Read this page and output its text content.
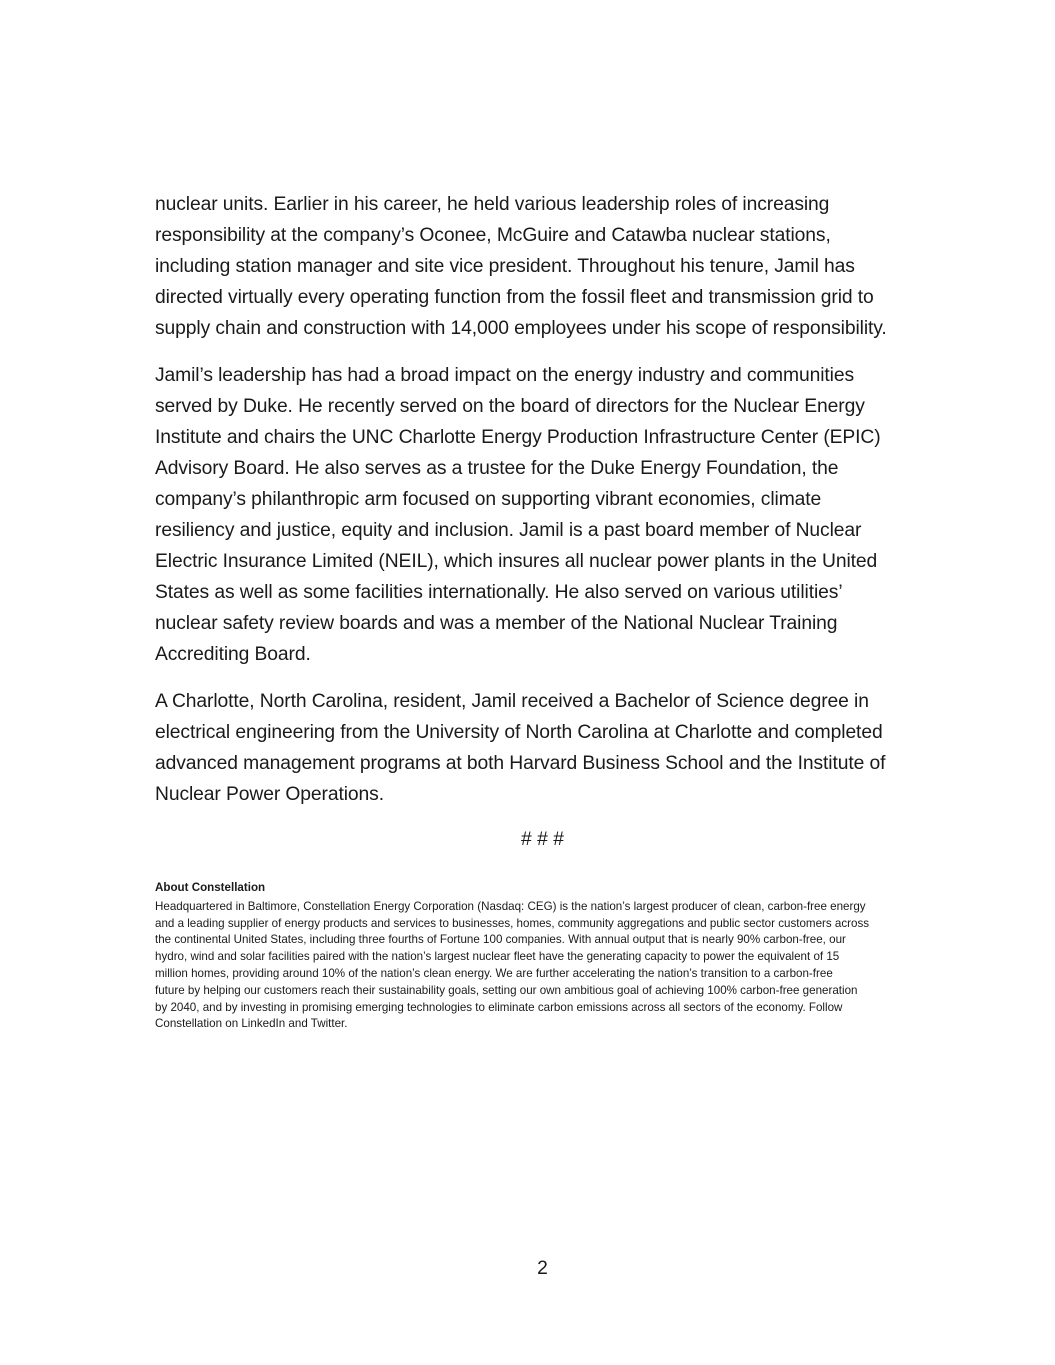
nuclear units. Earlier in his career, he held various leadership roles of increasing
responsibility at the company’s Oconee, McGuire and Catawba nuclear stations,
including station manager and site vice president. Throughout his tenure, Jamil has
directed virtually every operating function from the fossil fleet and transmission grid to
supply chain and construction with 14,000 employees under his scope of responsibility.

Jamil’s leadership has had a broad impact on the energy industry and communities
served by Duke. He recently served on the board of directors for the Nuclear Energy
Institute and chairs the UNC Charlotte Energy Production Infrastructure Center (EPIC)
Advisory Board. He also serves as a trustee for the Duke Energy Foundation, the
company’s philanthropic arm focused on supporting vibrant economies, climate
resiliency and justice, equity and inclusion. Jamil is a past board member of Nuclear
Electric Insurance Limited (NEIL), which insures all nuclear power plants in the United
States as well as some facilities internationally. He also served on various utilities’
nuclear safety review boards and was a member of the National Nuclear Training
Accrediting Board.

A Charlotte, North Carolina, resident, Jamil received a Bachelor of Science degree in
electrical engineering from the University of North Carolina at Charlotte and completed
advanced management programs at both Harvard Business School and the Institute of
Nuclear Power Operations.

# # #
About Constellation
Headquartered in Baltimore, Constellation Energy Corporation (Nasdaq: CEG) is the nation’s largest producer of clean, carbon-free energy
and a leading supplier of energy products and services to businesses, homes, community aggregations and public sector customers across
the continental United States, including three fourths of Fortune 100 companies. With annual output that is nearly 90% carbon-free, our
hydro, wind and solar facilities paired with the nation’s largest nuclear fleet have the generating capacity to power the equivalent of 15
million homes, providing around 10% of the nation’s clean energy. We are further accelerating the nation’s transition to a carbon-free
future by helping our customers reach their sustainability goals, setting our own ambitious goal of achieving 100% carbon-free generation
by 2040, and by investing in promising emerging technologies to eliminate carbon emissions across all sectors of the economy. Follow
Constellation on LinkedIn and Twitter.
2
